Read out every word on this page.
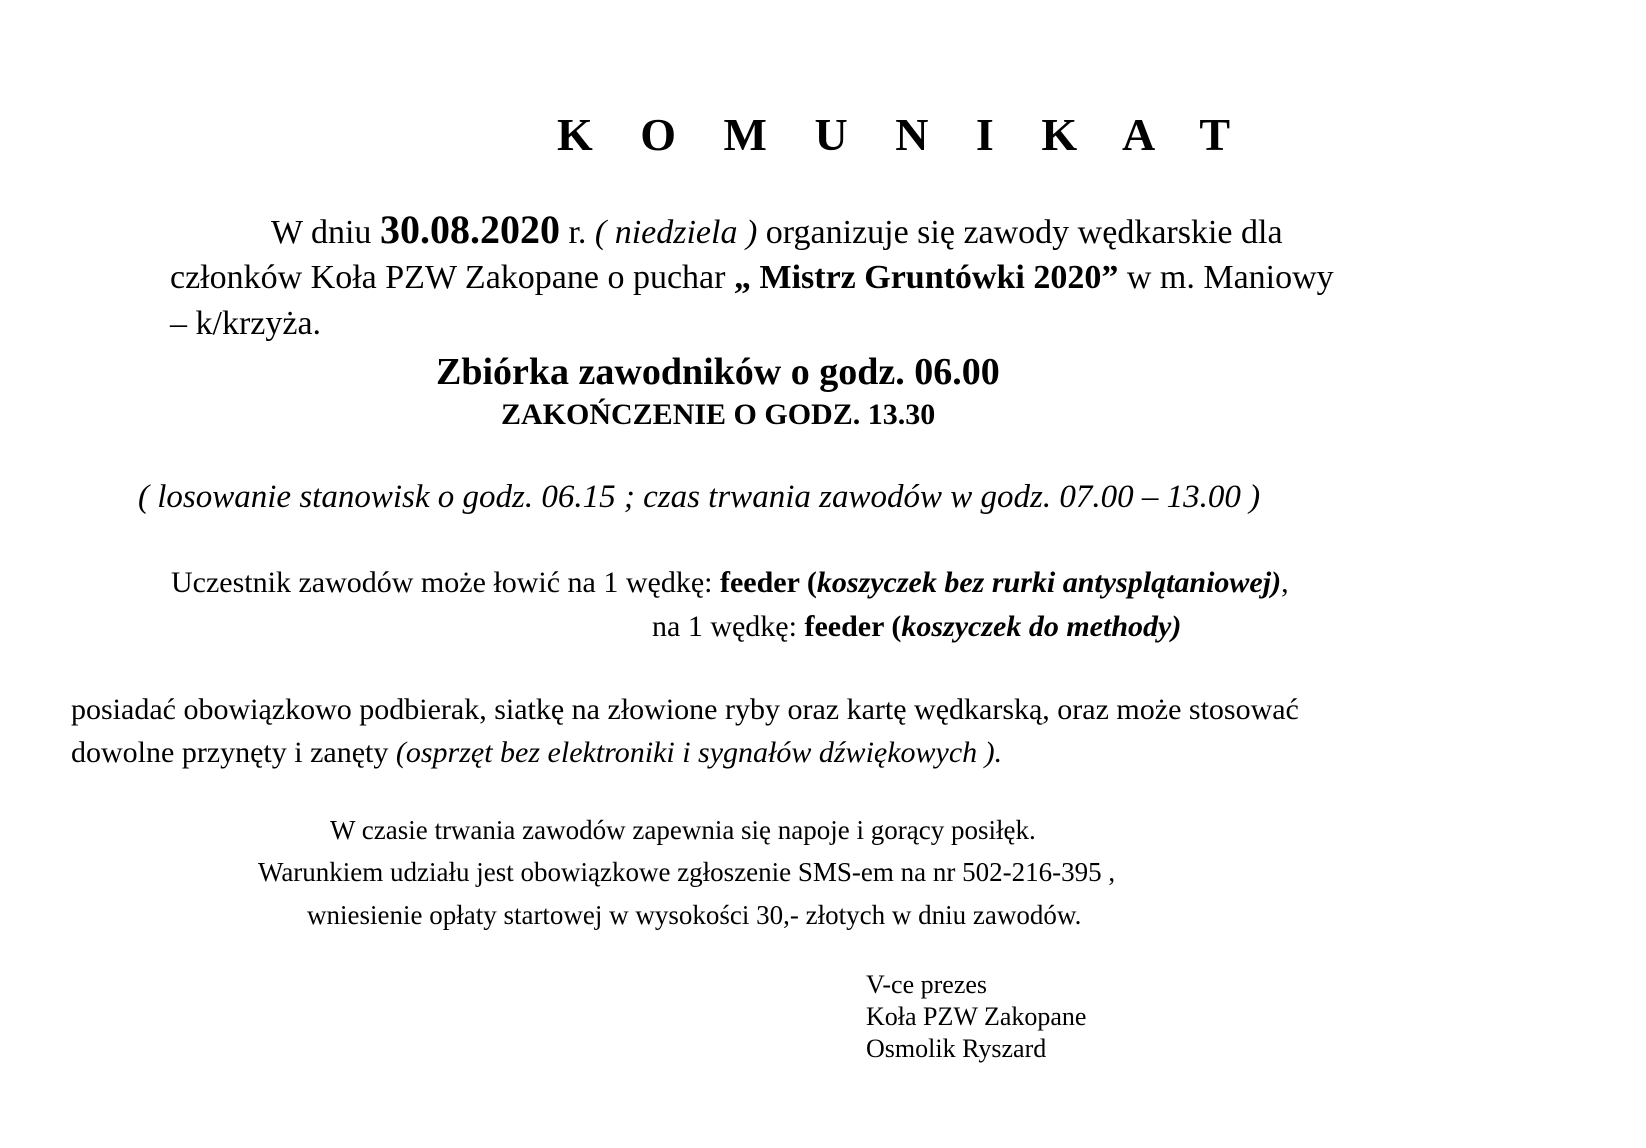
K O M U N I K A T
W dniu 30.08.2020 r. ( niedziela ) organizuje się zawody wędkarskie dla
członków Koła PZW Zakopane o puchar „ Mistrz Gruntówki 2020” w m. Maniowy
– k/krzyża.
Zbiórka zawodników o godz. 06.00
ZAKOŃCZENIE O GODZ. 13.30
( losowanie stanowisk o godz. 06.15 ; czas trwania zawodów w godz. 07.00 – 13.00 )
Uczestnik zawodów może łowić na 1 wędkę: feeder (koszyczek bez rurki antysplątaniowej),
na 1 wędkę: feeder (koszyczek do methody)
posiadać obowiązkowo podbierak, siatkę na złowione ryby oraz kartę wędkarską, oraz może stosować
dowolne przynęty i zanęty (osprzęt bez elektroniki i sygnałów dźwiękowych ).
W czasie trwania zawodów zapewnia się napoje i gorący posiłęk.
Warunkiem udziału jest obowiązkowe zgłoszenie SMS-em na nr 502-216-395 ,
wniesienie opłaty startowej w wysokości 30,- złotych w dniu zawodów.
V-ce prezes
Koła PZW Zakopane
Osmolik Ryszard
